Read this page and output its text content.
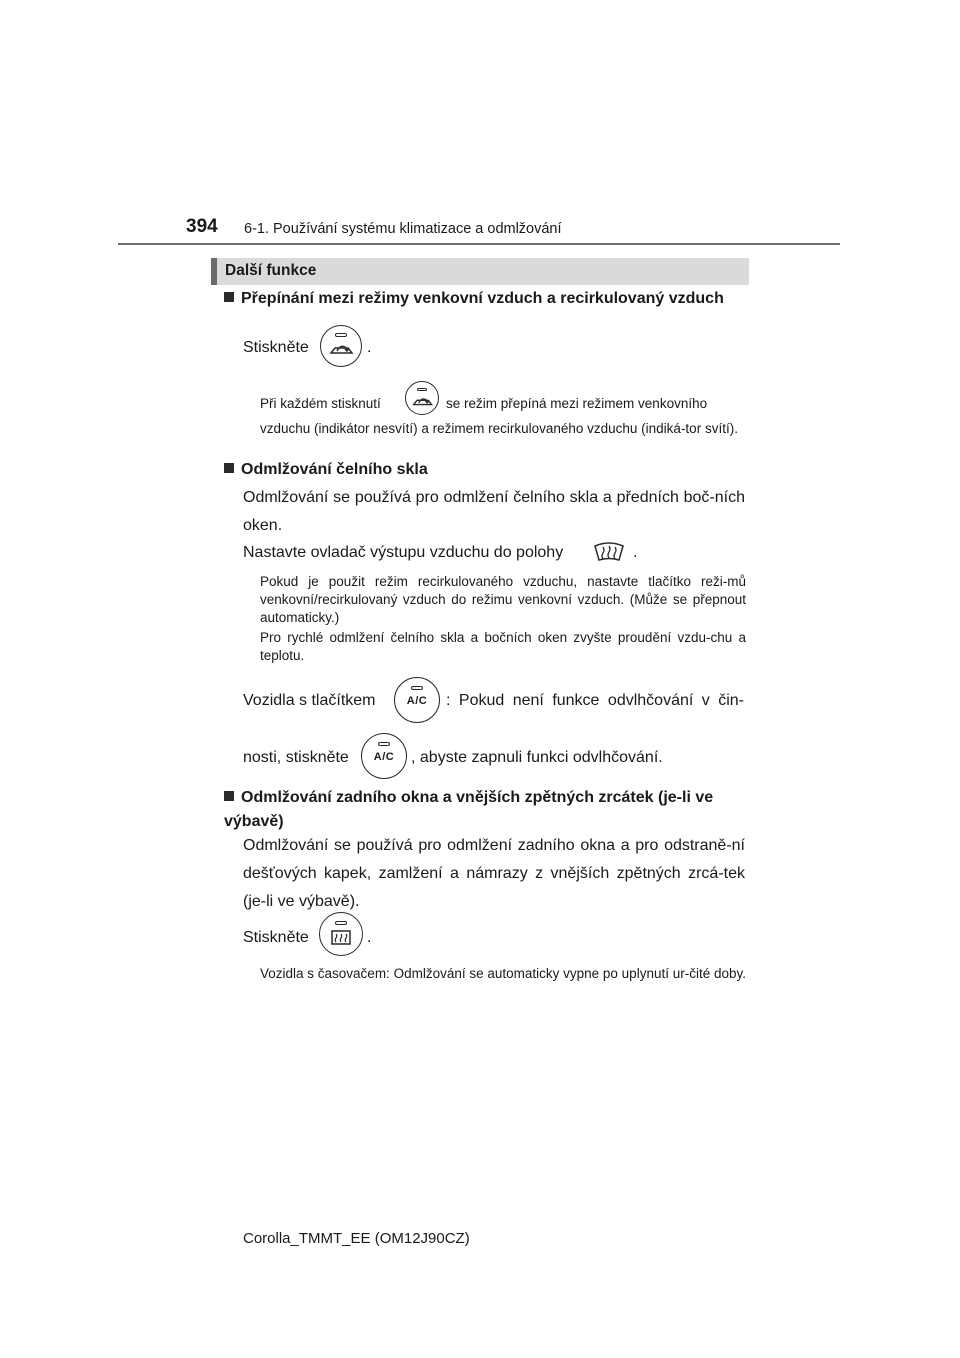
394 6-1. Používání systému klimatizace a odmlžování
Další funkce
Přepínání mezi režimy venkovní vzduch a recirkulovaný vzduch
Stiskněte	.
Při každém stisknutí	se režim přepíná mezi režimem venkovního
vzduchu (indikátor nesvítí) a režimem recirkulovaného vzduchu (indiká-tor svítí).
Odmlžování čelního skla
Odmlžování se používá pro odmlžení čelního skla a předních boč-ních oken.
Nastavte ovladač výstupu vzduchu do polohy	.
Pokud je použit režim recirkulovaného vzduchu, nastavte tlačítko reži-mů venkovní/recirkulovaný vzduch do režimu venkovní vzduch. (Může se přepnout automaticky.)
Pro rychlé odmlžení čelního skla a bočních oken zvyšte proudění vzdu-chu a teplotu.
Vozidla s tlačítkem	A/C	: Pokud není funkce odvlhčování v čin-
nosti, stiskněte	A/C	, abyste zapnuli funkci odvlhčování.
Odmlžování zadního okna a vnějších zpětných zrcátek (je-li ve výbavě)
Odmlžování se používá pro odmlžení zadního okna a pro odstraně-ní dešťových kapek, zamlžení a námrazy z vnějších zpětných zrcá-tek (je-li ve výbavě).
Stiskněte	.
Vozidla s časovačem: Odmlžování se automaticky vypne po uplynutí ur-čité doby.
Corolla_TMMT_EE (OM12J90CZ)
